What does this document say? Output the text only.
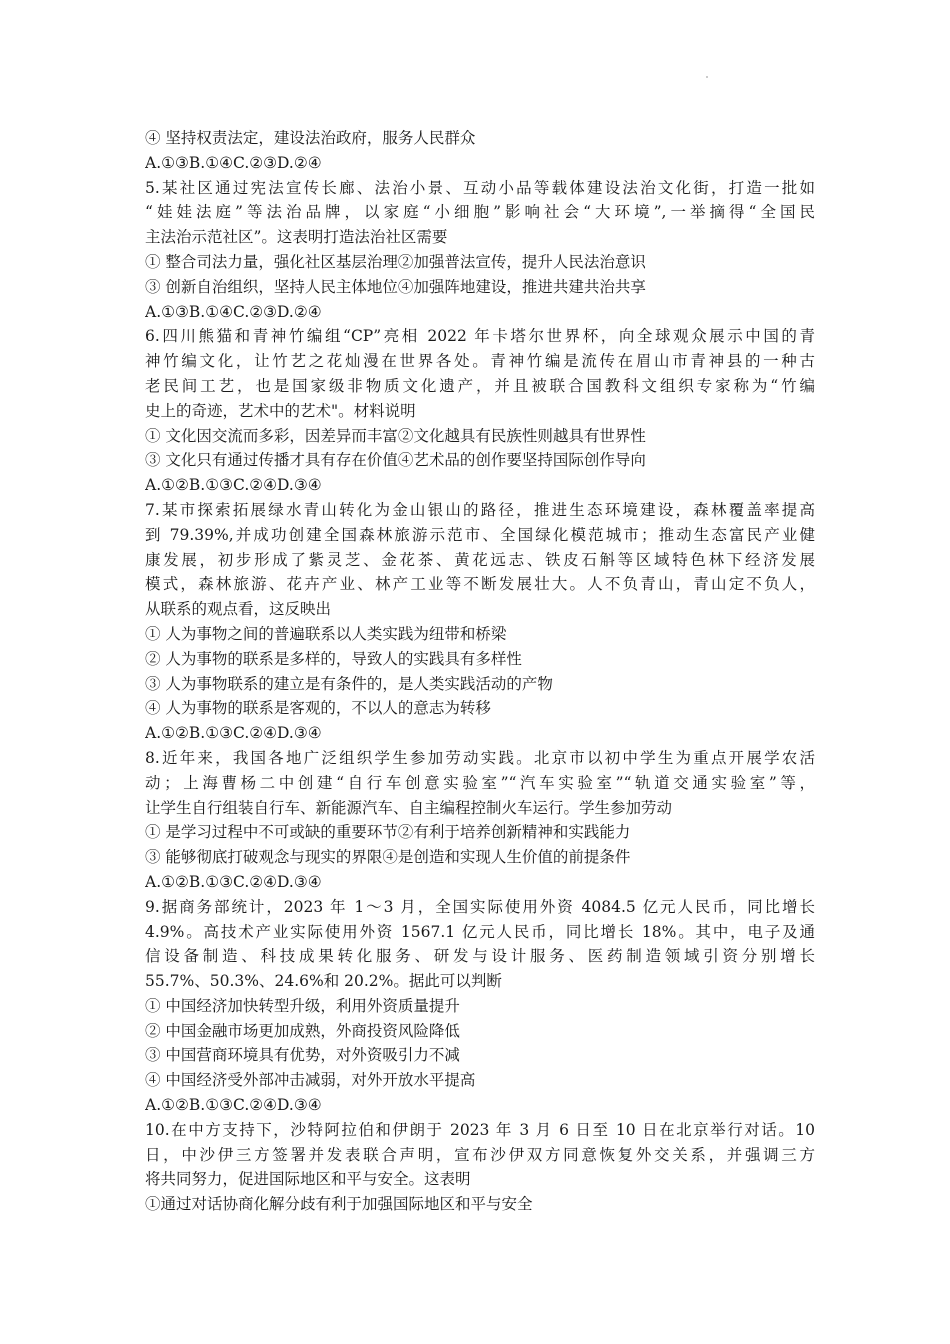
④ 坚持权责法定，建设法治政府，服务人民群众
A.①③B.①④C.②③D.②④
5.某社区通过宪法宣传长廊、法治小景、互动小品等载体建设法治文化街，打造一批如
“娃娃法庭”等法治品牌，以家庭“小细胞”影响社会“大环境”,一举摘得“全国民
主法治示范社区”。这表明打造法治社区需要
① 整合司法力量，强化社区基层治理②加强普法宣传，提升人民法治意识
③ 创新自治组织，坚持人民主体地位④加强阵地建设，推进共建共治共享
A.①③B.①④C.②③D.②④
6.四川熊猫和青神竹编组“CP”亮相 2022 年卡塔尔世界杯，向全球观众展示中国的青
神竹编文化，让竹艺之花灿漫在世界各处。青神竹编是流传在眉山市青神县的一种古
老民间工艺，也是国家级非物质文化遗产，并且被联合国教科文组织专家称为“竹编
史上的奇迹，艺术中的艺术"。材料说明
① 文化因交流而多彩，因差异而丰富②文化越具有民族性则越具有世界性
③ 文化只有通过传播才具有存在价值④艺术品的创作要坚持国际创作导向
A.①②B.①③C.②④D.③④
7.某市探索拓展绿水青山转化为金山银山的路径，推进生态环境建设，森林覆盖率提高
到 79.39%,并成功创建全国森林旅游示范市、全国绿化模范城市；推动生态富民产业健
康发展，初步形成了紫灵芝、金花茶、黄花远志、铁皮石斛等区域特色林下经济发展
模式，森林旅游、花卉产业、林产工业等不断发展壮大。人不负青山，青山定不负人，
从联系的观点看，这反映出
① 人为事物之间的普遍联系以人类实践为纽带和桥梁
② 人为事物的联系是多样的，导致人的实践具有多样性
③ 人为事物联系的建立是有条件的，是人类实践活动的产物
④ 人为事物的联系是客观的，不以人的意志为转移
A.①②B.①③C.②④D.③④
8.近年来，我国各地广泛组织学生参加劳动实践。北京市以初中学生为重点开展学农活
动；上海曹杨二中创建“自行车创意实验室”“汽车实验室”“轨道交通实验室”等，
让学生自行组装自行车、新能源汽车、自主编程控制火车运行。学生参加劳动
① 是学习过程中不可或缺的重要环节②有利于培养创新精神和实践能力
③ 能够彻底打破观念与现实的界限④是创造和实现人生价值的前提条件
A.①②B.①③C.②④D.③④
9.据商务部统计，2023 年 1～3 月，全国实际使用外资 4084.5 亿元人民币，同比增长
4.9%。高技术产业实际使用外资 1567.1 亿元人民币，同比增长 18%。其中，电子及通
信设备制造、科技成果转化服务、研发与设计服务、医药制造领域引资分别增长
55.7%、50.3%、24.6%和 20.2%。据此可以判断
① 中国经济加快转型升级，利用外资质量提升
② 中国金融市场更加成熟，外商投资风险降低
③ 中国营商环境具有优势，对外资吸引力不减
④ 中国经济受外部冲击减弱，对外开放水平提高
A.①②B.①③C.②④D.③④
10.在中方支持下，沙特阿拉伯和伊朗于 2023 年 3 月 6 日至 10 日在北京举行对话。10
日，中沙伊三方签署并发表联合声明，宣布沙伊双方同意恢复外交关系，并强调三方
将共同努力，促进国际地区和平与安全。这表明
①通过对话协商化解分歧有利于加强国际地区和平与安全
